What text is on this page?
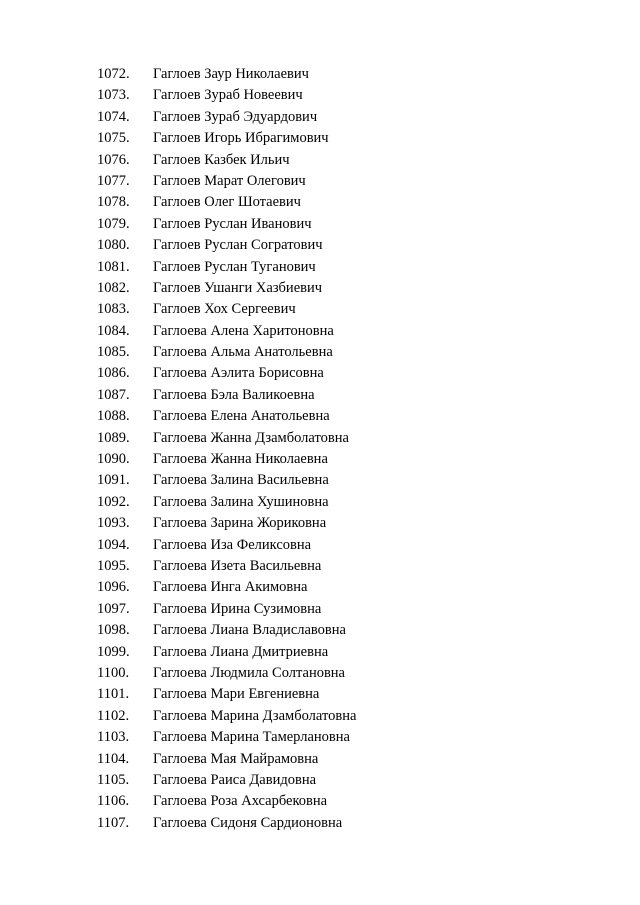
1072. Гаглоев Заур Николаевич
1073. Гаглоев Зураб Новеевич
1074. Гаглоев Зураб Эдуардович
1075. Гаглоев Игорь Ибрагимович
1076. Гаглоев Казбек Ильич
1077. Гаглоев Марат Олегович
1078. Гаглоев Олег Шотаевич
1079. Гаглоев Руслан Иванович
1080. Гаглоев Руслан Согратович
1081. Гаглоев Руслан Туганович
1082. Гаглоев Ушанги Хазбиевич
1083. Гаглоев Хох Сергеевич
1084. Гаглоева Алена Харитоновна
1085. Гаглоева Альма Анатольевна
1086. Гаглоева Аэлита Борисовна
1087. Гаглоева Бэла Валикоевна
1088. Гаглоева Елена Анатольевна
1089. Гаглоева Жанна Дзамболатовна
1090. Гаглоева Жанна Николаевна
1091. Гаглоева Залина Васильевна
1092. Гаглоева Залина Хушиновна
1093. Гаглоева Зарина Жориковна
1094. Гаглоева Иза Феликсовна
1095. Гаглоева Изета Васильевна
1096. Гаглоева Инга Акимовна
1097. Гаглоева Ирина Сузимовна
1098. Гаглоева Лиана Владиславовна
1099. Гаглоева Лиана Дмитриевна
1100. Гаглоева Людмила Солтановна
1101. Гаглоева Мари Евгениевна
1102. Гаглоева Марина Дзамболатовна
1103. Гаглоева Марина Тамерлановна
1104. Гаглоева Мая Майрамовна
1105. Гаглоева Раиса Давидовна
1106. Гаглоева Роза Ахсарбековна
1107. Гаглоева Сидоня Сардионовна
